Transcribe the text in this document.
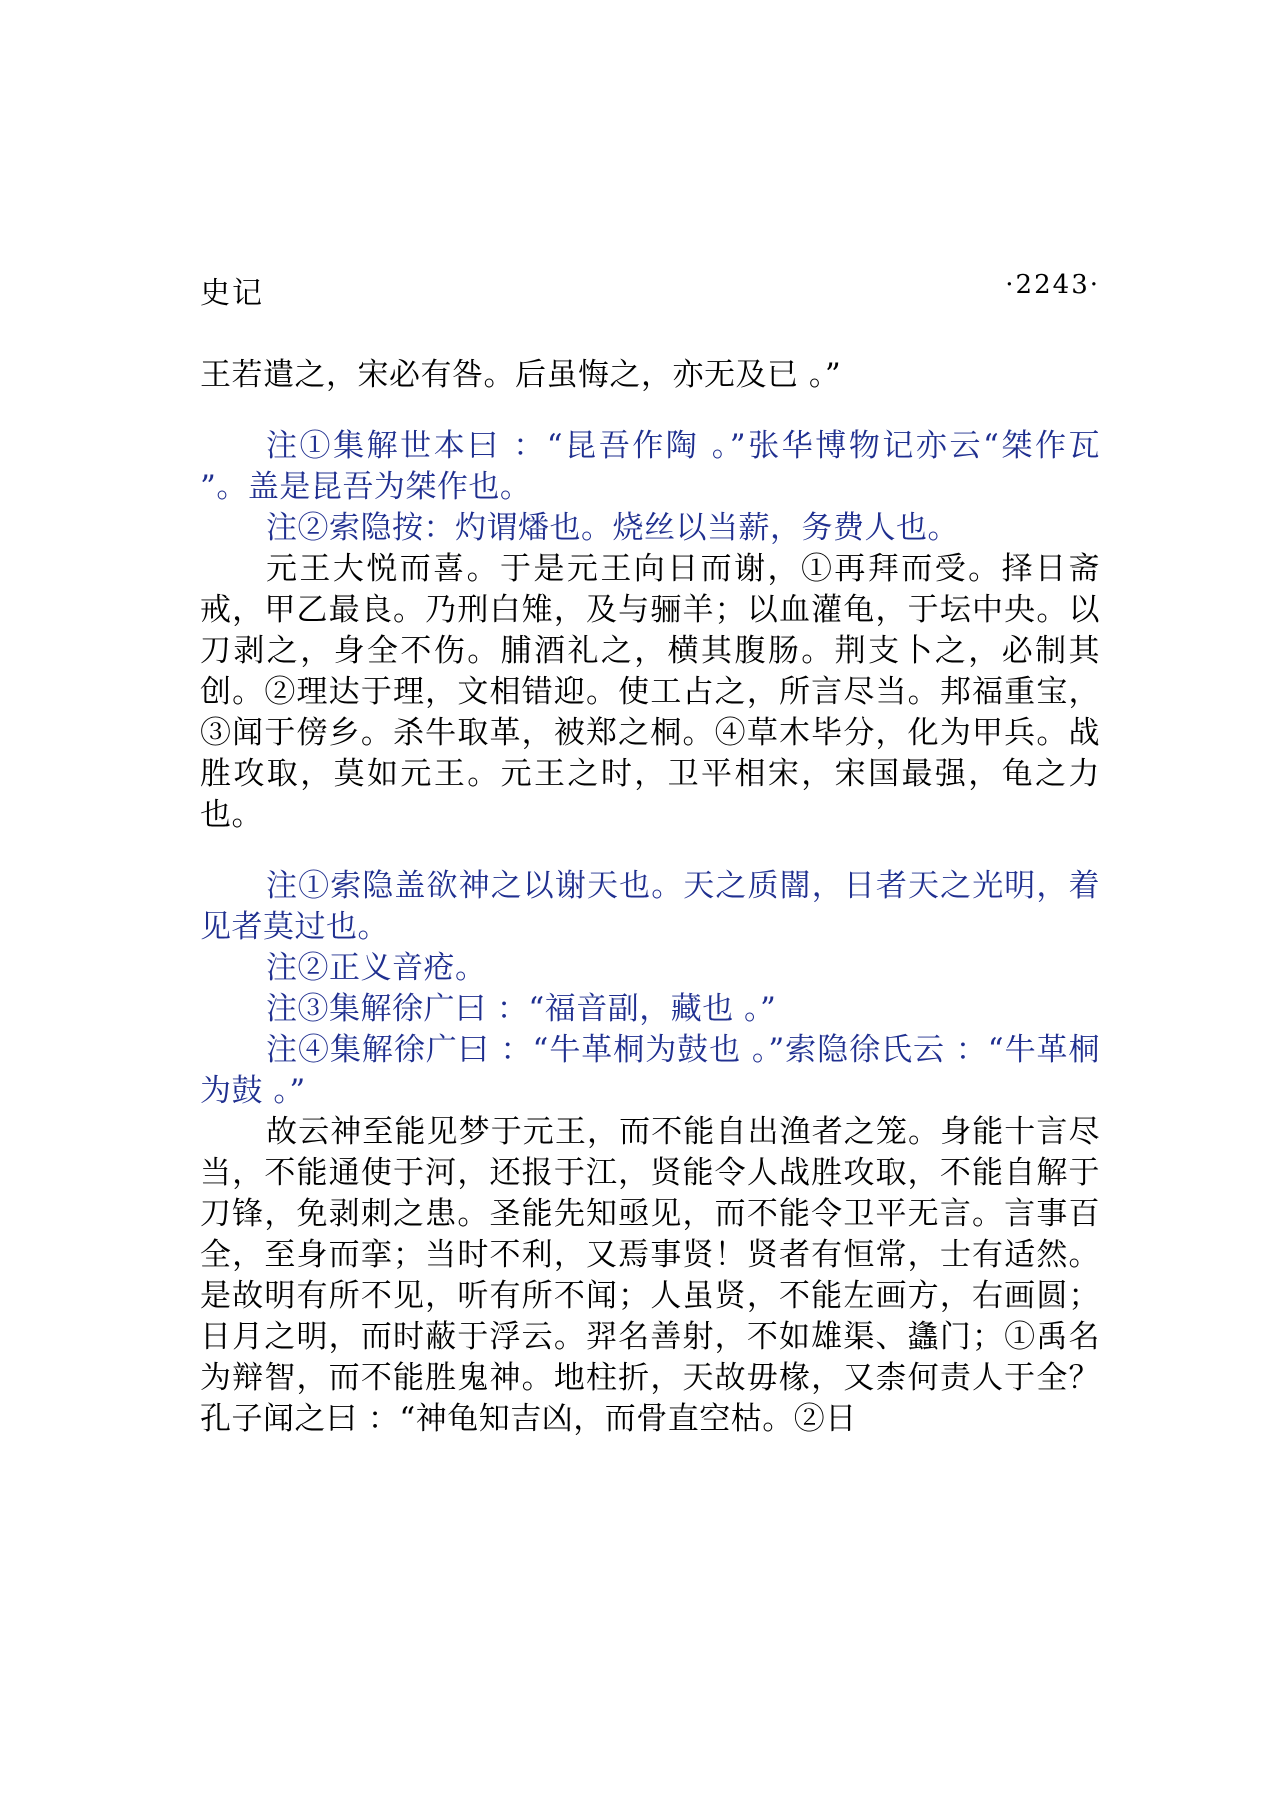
史记	·2243·

王若遣之，宋必有咎。后虽悔之，亦无及已 。”

注①集解世本曰 ：“昆吾作陶 。”张华博物记亦云“桀作瓦 ”。盖是昆吾为桀作也。

注②索隐按：灼谓燔也。烧丝以当薪，务费人也。

元王大悦而喜。于是元王向日而谢，①再拜而受。择日斋戒，甲乙最良。乃刑白雉，及与骊羊；以血灌龟，于坛中央。以刀剥之，身全不伤。脯酒礼之，横其腹肠。荆支卜之，必制其创。②理达于理，文相错迎。使工占之，所言尽当。邦福重宝，③闻于傍乡。杀牛取革，被郑之桐。④草木毕分，化为甲兵。战胜攻取，莫如元王。元王之时，卫平相宋，宋国最强，龟之力也。

注①索隐盖欲神之以谢天也。天之质闇，日者天之光明，着见者莫过也。

注②正义音疮。

注③集解徐广曰 ：“福音副，藏也 。”

注④集解徐广曰 ：“牛革桐为鼓也 。”索隐徐氏云 ：“牛革桐为鼓 。”

故云神至能见梦于元王，而不能自出渔者之笼。身能十言尽当，不能通使于河，还报于江，贤能令人战胜攻取，不能自解于刀锋，免剥刺之患。圣能先知亟见，而不能令卫平无言。言事百全，至身而挛；当时不利，又焉事贤！贤者有恒常，士有适然。是故明有所不见，听有所不闻；人虽贤，不能左画方，右画圆；日月之明，而时蔽于浮云。羿名善射，不如雄渠、蠭门；①禹名为辩智，而不能胜鬼神。地柱折，天故毋椽，又柰何责人于全？孔子闻之曰 ：“神龟知吉凶，而骨直空枯。②日
